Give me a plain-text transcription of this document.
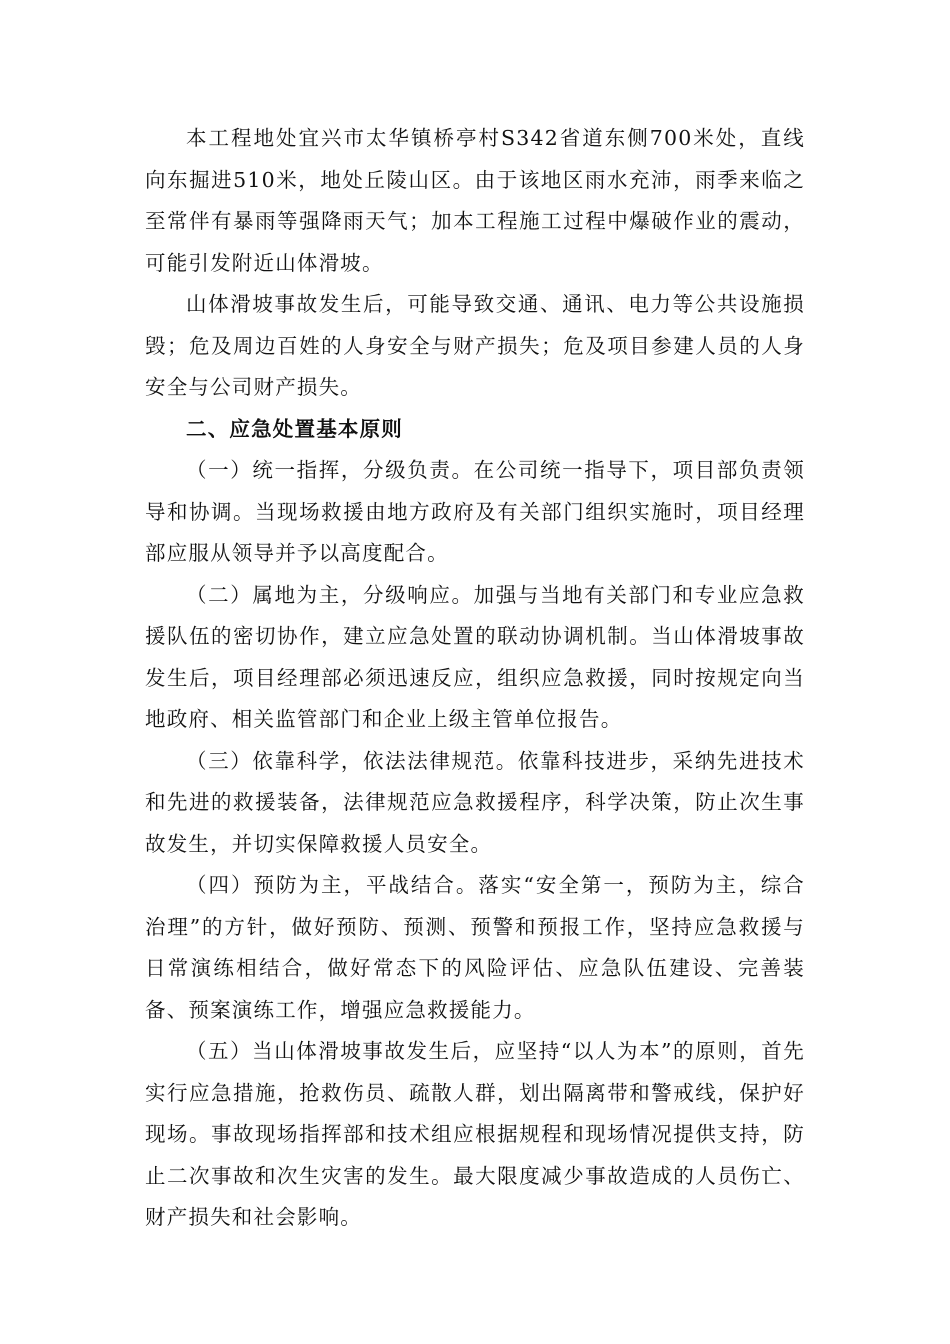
本工程地处宜兴市太华镇桥亭村S342省道东侧700米处，直线向东掘进510米，地处丘陵山区。由于该地区雨水充沛，雨季来临之至常伴有暴雨等强降雨天气；加本工程施工过程中爆破作业的震动，可能引发附近山体滑坡。

山体滑坡事故发生后，可能导致交通、通讯、电力等公共设施损毁；危及周边百姓的人身安全与财产损失；危及项目参建人员的人身安全与公司财产损失。

二、应急处置基本原则

（一）统一指挥，分级负责。在公司统一指导下，项目部负责领导和协调。当现场救援由地方政府及有关部门组织实施时，项目经理部应服从领导并予以高度配合。

（二）属地为主，分级响应。加强与当地有关部门和专业应急救援队伍的密切协作，建立应急处置的联动协调机制。当山体滑坡事故发生后，项目经理部必须迅速反应，组织应急救援，同时按规定向当地政府、相关监管部门和企业上级主管单位报告。

（三）依靠科学，依法法律规范。依靠科技进步，采纳先进技术和先进的救援装备，法律规范应急救援程序，科学决策，防止次生事故发生，并切实保障救援人员安全。

（四）预防为主，平战结合。落实“安全第一，预防为主，综合治理”的方针，做好预防、预测、预警和预报工作，坚持应急救援与日常演练相结合，做好常态下的风险评估、应急队伍建设、完善装备、预案演练工作，增强应急救援能力。

（五）当山体滑坡事故发生后，应坚持“以人为本”的原则，首先实行应急措施，抢救伤员、疏散人群，划出隔离带和警戒线，保护好现场。事故现场指挥部和技术组应根据规程和现场情况提供支持，防止二次事故和次生灾害的发生。最大限度减少事故造成的人员伤亡、财产损失和社会影响。
